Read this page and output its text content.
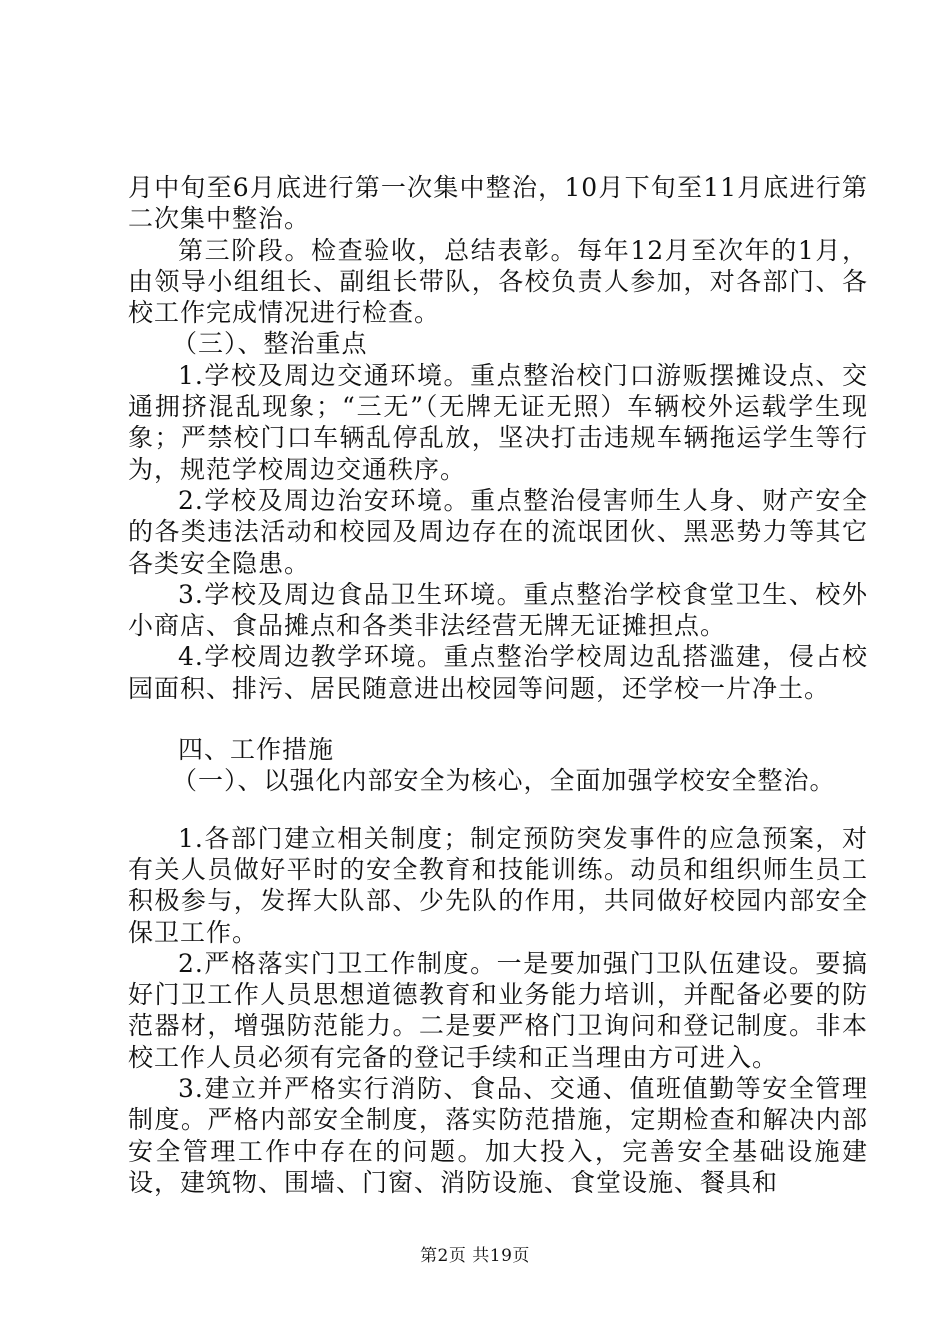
月中旬至6月底进行第一次集中整治，10月下旬至11月底进行第二次集中整治。

第三阶段。检查验收，总结表彰。每年12月至次年的1月，由领导小组组长、副组长带队，各校负责人参加，对各部门、各校工作完成情况进行检查。

（三）、整治重点

1.学校及周边交通环境。重点整治校门口游贩摆摊设点、交通拥挤混乱现象；“三无”（无牌无证无照）车辆校外运载学生现象；严禁校门口车辆乱停乱放，坚决打击违规车辆拖运学生等行为，规范学校周边交通秩序。

2.学校及周边治安环境。重点整治侵害师生人身、财产安全的各类违法活动和校园及周边存在的流氓团伙、黑恶势力等其它各类安全隐患。

3.学校及周边食品卫生环境。重点整治学校食堂卫生、校外小商店、食品摊点和各类非法经营无牌无证摊担点。

4.学校周边教学环境。重点整治学校周边乱搭滥建，侵占校园面积、排污、居民随意进出校园等问题，还学校一片净土。

四、工作措施

（一）、以强化内部安全为核心，全面加强学校安全整治。

1.各部门建立相关制度；制定预防突发事件的应急预案，对有关人员做好平时的安全教育和技能训练。动员和组织师生员工积极参与，发挥大队部、少先队的作用，共同做好校园内部安全保卫工作。

2.严格落实门卫工作制度。一是要加强门卫队伍建设。要搞好门卫工作人员思想道德教育和业务能力培训，并配备必要的防范器材，增强防范能力。二是要严格门卫询问和登记制度。非本校工作人员必须有完备的登记手续和正当理由方可进入。

3.建立并严格实行消防、食品、交通、值班值勤等安全管理制度。严格内部安全制度，落实防范措施，定期检查和解决内部安全管理工作中存在的问题。加大投入，完善安全基础设施建设，建筑物、围墙、门窗、消防设施、食堂设施、餐具和

第2页 共19页
